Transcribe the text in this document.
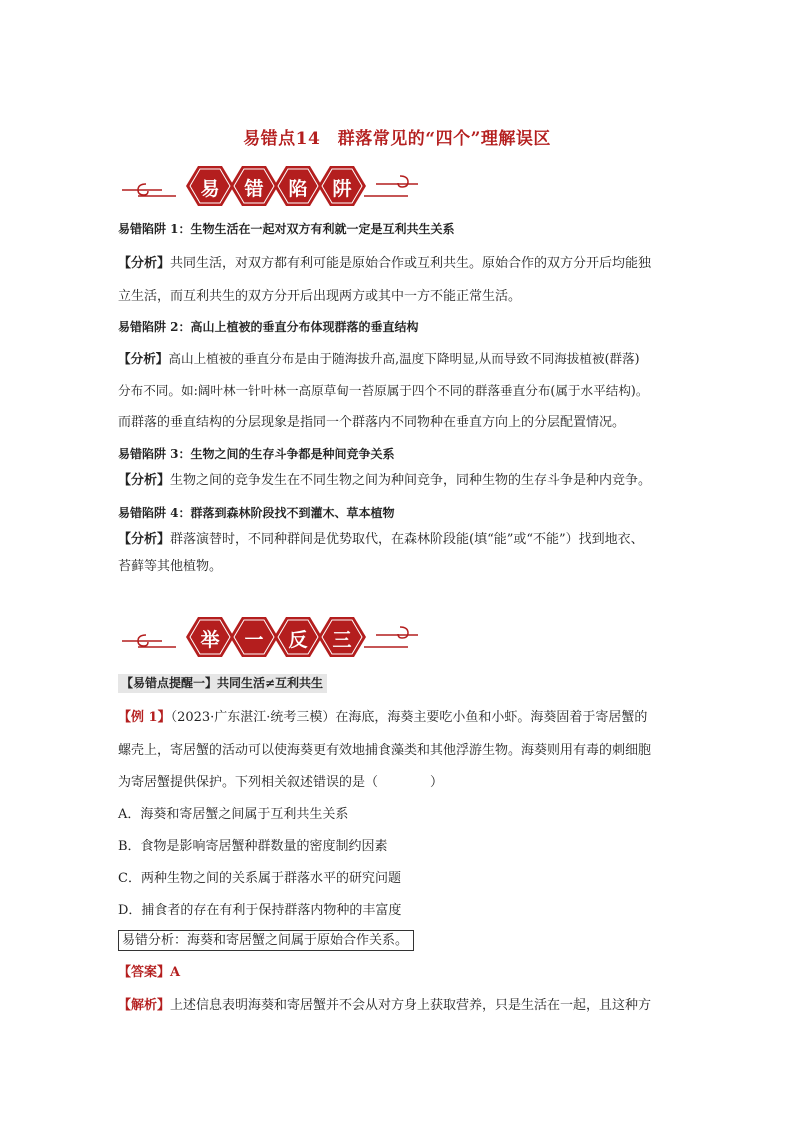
易错点14　群落常见的“四个”理解误区
易 错 陷 阱
易错陷阱 1：生物生活在一起对双方有利就一定是互利共生关系
【分析】共同生活，对双方都有利可能是原始合作或互利共生。原始合作的双方分开后均能独
立生活，而互利共生的双方分开后出现两方或其中一方不能正常生活。
易错陷阱 2：高山上植被的垂直分布体现群落的垂直结构
【分析】高山上植被的垂直分布是由于随海拔升高,温度下降明显,从而导致不同海拔植被(群落)
分布不同。如:阔叶林一针叶林一高原草甸一苔原属于四个不同的群落垂直分布(属于水平结构)。
而群落的垂直结构的分层现象是指同一个群落内不同物种在垂直方向上的分层配置情况。
易错陷阱 3：生物之间的生存斗争都是种间竞争关系
【分析】生物之间的竞争发生在不同生物之间为种间竞争，同种生物的生存斗争是种内竞争。
易错陷阱 4：群落到森林阶段找不到灌木、草本植物
【分析】群落演替时，不同种群间是优势取代，在森林阶段能(填“能”或“不能”）找到地衣、
苔藓等其他植物。
举 一 反 三
【易错点提醒一】共同生活≠互利共生
【例 1】（2023·广东湛江·统考三模）在海底，海葵主要吃小鱼和小虾。海葵固着于寄居蟹的
螺壳上，寄居蟹的活动可以使海葵更有效地捕食藻类和其他浮游生物。海葵则用有毒的刺细胞
为寄居蟹提供保护。下列相关叙述错误的是（　　　　）
A．海葵和寄居蟹之间属于互利共生关系
B．食物是影响寄居蟹种群数量的密度制约因素
C．两种生物之间的关系属于群落水平的研究问题
D．捕食者的存在有利于保持群落内物种的丰富度
易错分析：海葵和寄居蟹之间属于原始合作关系。
【答案】A
【解析】上述信息表明海葵和寄居蟹并不会从对方身上获取营养，只是生活在一起，且这种方
